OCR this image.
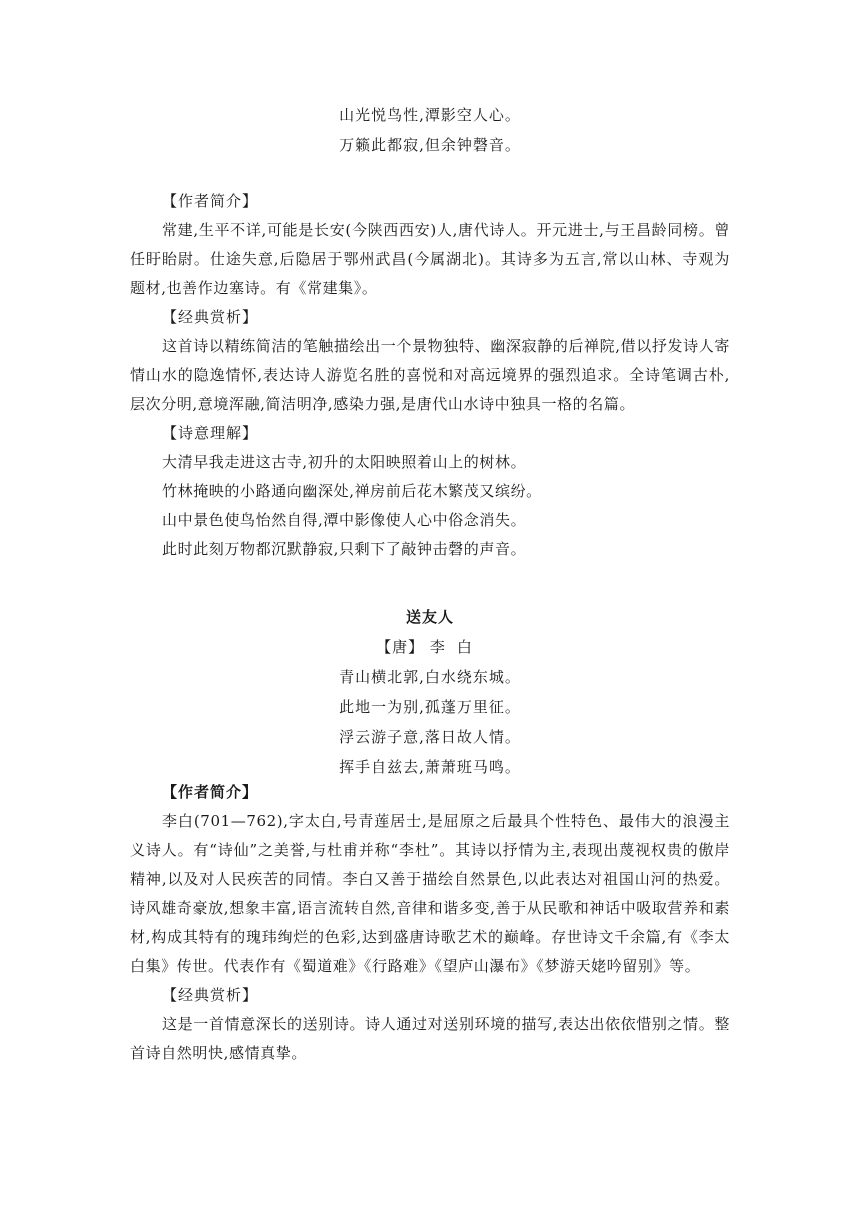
山光悦鸟性,潭影空人心。
万籁此都寂,但余钟磬音。
【作者简介】
常建,生平不详,可能是长安(今陕西西安)人,唐代诗人。开元进士,与王昌龄同榜。曾任盱眙尉。仕途失意,后隐居于鄂州武昌(今属湖北)。其诗多为五言,常以山林、寺观为题材,也善作边塞诗。有《常建集》。
【经典赏析】
这首诗以精练简洁的笔触描绘出一个景物独特、幽深寂静的后禅院,借以抒发诗人寄情山水的隐逸情怀,表达诗人游览名胜的喜悦和对高远境界的强烈追求。全诗笔调古朴,层次分明,意境浑融,简洁明净,感染力强,是唐代山水诗中独具一格的名篇。
【诗意理解】
大清早我走进这古寺,初升的太阳映照着山上的树林。
竹林掩映的小路通向幽深处,禅房前后花木繁茂又缤纷。
山中景色使鸟怡然自得,潭中影像使人心中俗念消失。
此时此刻万物都沉默静寂,只剩下了敲钟击磬的声音。
送友人
【唐】 李白
青山横北郭,白水绕东城。
此地一为别,孤蓬万里征。
浮云游子意,落日故人情。
挥手自兹去,萧萧班马鸣。
【作者简介】
李白(701—762),字太白,号青莲居士,是屈原之后最具个性特色、最伟大的浪漫主义诗人。有“诗仙”之美誉,与杜甫并称“李杜”。其诗以抒情为主,表现出蔑视权贵的傲岸精神,以及对人民疾苦的同情。李白又善于描绘自然景色,以此表达对祖国山河的热爱。诗风雄奇豪放,想象丰富,语言流转自然,音律和谐多变,善于从民歌和神话中吸取营养和素材,构成其特有的瑰玮绚烂的色彩,达到盛唐诗歌艺术的巅峰。存世诗文千余篇,有《李太白集》传世。代表作有《蜀道难》《行路难》《望庐山瀑布》《梦游天姥吟留别》等。
【经典赏析】
这是一首情意深长的送别诗。诗人通过对送别环境的描写,表达出依依惜别之情。整首诗自然明快,感情真挚。
